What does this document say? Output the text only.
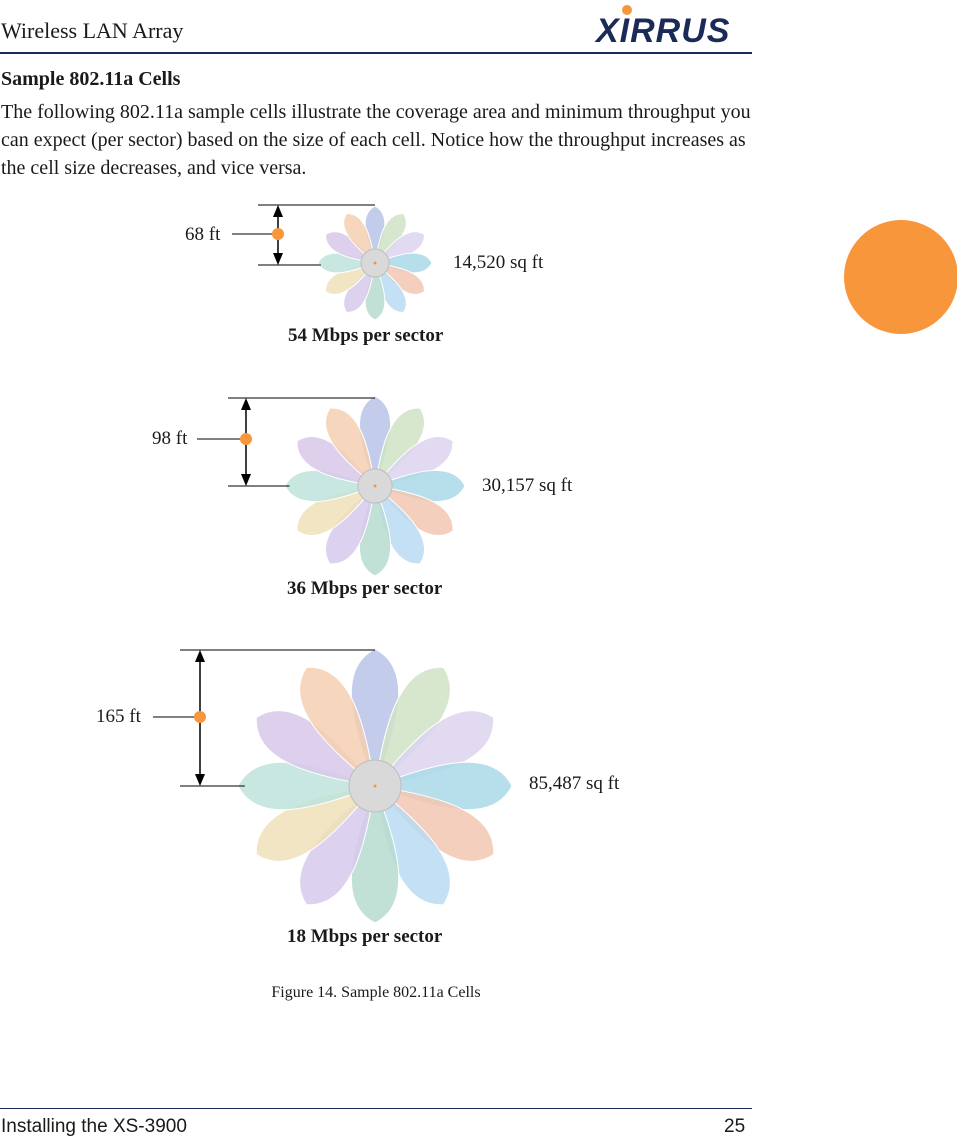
Wireless LAN Array	XIRRUS
Sample 802.11a Cells
The following 802.11a sample cells illustrate the coverage area and minimum throughput you can expect (per sector) based on the size of each cell. Notice how the throughput increases as the cell size decreases, and vice versa.
68 ft
14,520 sq ft
54 Mbps per sector
98 ft
30,157 sq ft
36 Mbps per sector
165 ft
85,487 sq ft
18 Mbps per sector
Figure 14. Sample 802.11a Cells
Installing the XS-3900	25
